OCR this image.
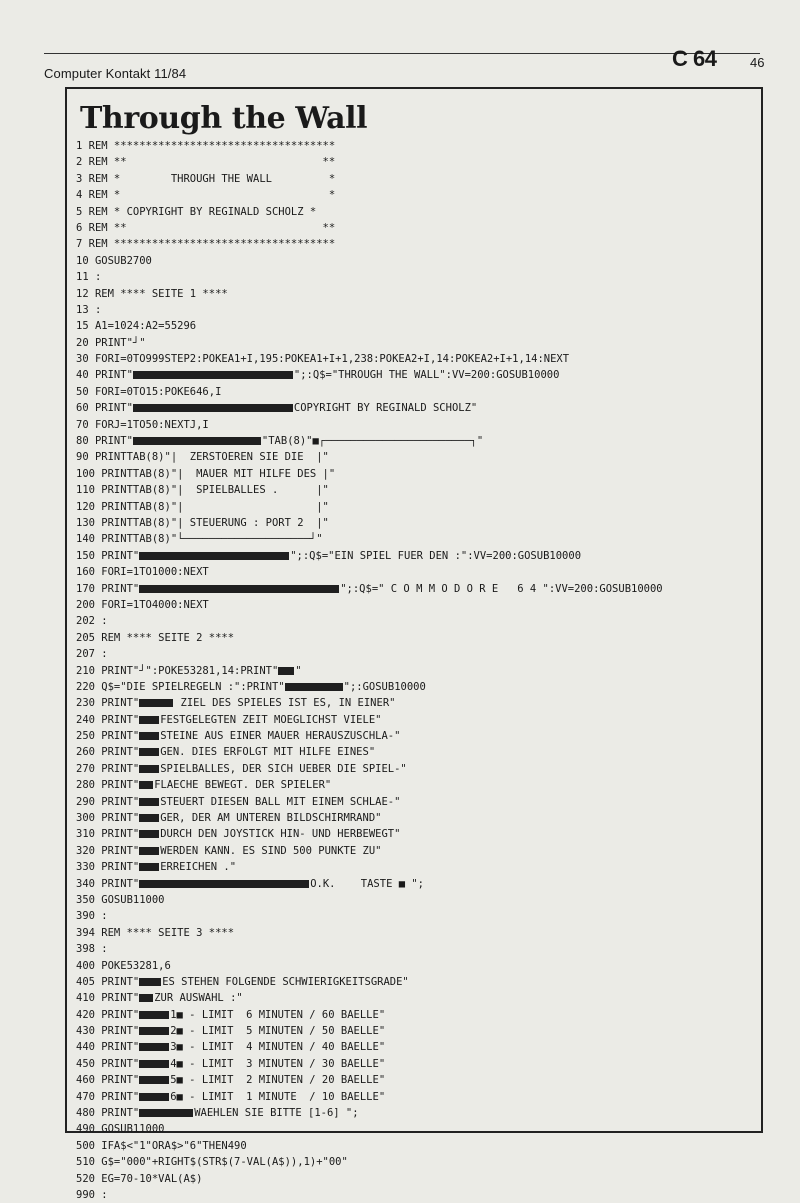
Computer Kontakt 11/84
C 64	46
Through the Wall
1 REM ***********************************
2 REM **                               **
3 REM *        THROUGH THE WALL         *
4 REM *                                 *
5 REM * COPYRIGHT BY REGINALD SCHOLZ *
6 REM **                               **
7 REM ***********************************
10 GOSUB2700
11 :
12 REM **** SEITE 1 ****
13 :
15 A1=1024:A2=55296
20 PRINT"┘"
30 FORI=0TO999STEP2:POKEA1+I,195:POKEA1+I+1,238:POKEA2+I,14:POKEA2+I+1,14:NEXT
40 PRINT"	";:Q$="THROUGH THE WALL":VV=200:GOSUB10000
50 FORI=0TO15:POKE646,I
60 PRINT"	COPYRIGHT BY REGINALD SCHOLZ"
70 FORJ=1TO50:NEXTJ,I
80 PRINT"	"TAB(8)"■┌───────────────────────┐"
90 PRINTTAB(8)"|  ZERSTOEREN SIE DIE  |"
100 PRINTTAB(8)"|  MAUER MIT HILFE DES |"
110 PRINTTAB(8)"|  SPIELBALLES .      |"
120 PRINTTAB(8)"|                     |"
130 PRINTTAB(8)"| STEUERUNG : PORT 2  |"
140 PRINTTAB(8)"└────────────────────┘"
150 PRINT"	";:Q$="EIN SPIEL FUER DEN :":VV=200:GOSUB10000
160 FORI=1TO1000:NEXT
170 PRINT"	";:Q$=" C O M M O D O R E   6 4 ":VV=200:GOSUB10000
200 FORI=1TO4000:NEXT
202 :
205 REM **** SEITE 2 ****
207 :
210 PRINT"┘":POKE53281,14:PRINT" "
220 Q$="DIE SPIELREGELN :":PRINT"	";:GOSUB10000
230 PRINT"	ZIEL DES SPIELES IST ES, IN EINER"
240 PRINT" FESTGELEGTEN ZEIT MOEGLICHST VIELE"
250 PRINT" STEINE AUS EINER MAUER HERAUSZUSCHLA-"
260 PRINT" GEN. DIES ERFOLGT MIT HILFE EINES"
270 PRINT" SPIELBALLES, DER SICH UEBER DIE SPIEL-"
280 PRINT" FLAECHE BEWEGT. DER SPIELER"
290 PRINT" STEUERT DIESEN BALL MIT EINEM SCHLAE-"
300 PRINT" GER, DER AM UNTEREN BILDSCHIRMRAND"
310 PRINT" DURCH DEN JOYSTICK HIN- UND HERBEWEGT"
320 PRINT" WERDEN KANN. ES SIND 500 PUNKTE ZU"
330 PRINT" ERREICHEN ."
340 PRINT"	O.K.    TASTE ■ ";
350 GOSUB11000
390 :
394 REM **** SEITE 3 ****
398 :
400 POKE53281,6
405 PRINT" ES STEHEN FOLGENDE SCHWIERIGKEITSGRADE"
410 PRINT" ZUR AUSWAHL :"
420 PRINT"	1■ - LIMIT  6 MINUTEN / 60 BAELLE"
430 PRINT"	2■ - LIMIT  5 MINUTEN / 50 BAELLE"
440 PRINT"	3■ - LIMIT  4 MINUTEN / 40 BAELLE"
450 PRINT"	4■ - LIMIT  3 MINUTEN / 30 BAELLE"
460 PRINT"	5■ - LIMIT  2 MINUTEN / 20 BAELLE"
470 PRINT"	6■ - LIMIT  1 MINUTE  / 10 BAELLE"
480 PRINT"	WAEHLEN SIE BITTE [1-6] ";
490 GOSUB11000
500 IFA$<"1"ORA$>"6"THEN490
510 G$="000"+RIGHT$(STR$(7-VAL(A$)),1)+"00"
520 EG=70-10*VAL(A$)
990 :
